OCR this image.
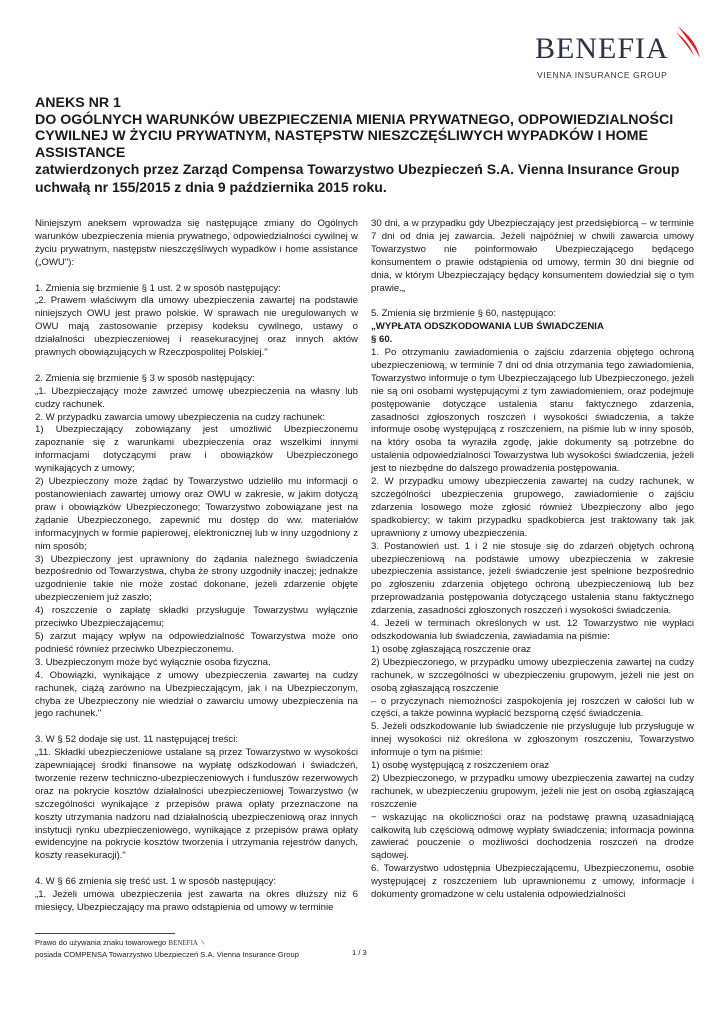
BENEFIA
VIENNA INSURANCE GROUP
ANEKS NR 1
DO OGÓLNYCH WARUNKÓW UBEZPIECZENIA MIENIA PRYWATNEGO, ODPOWIEDZIALNOŚCI CYWILNEJ W ŻYCIU PRYWATNYM, NASTĘPSTW NIESZCZĘŚLIWYCH WYPADKÓW I HOME ASSISTANCE
zatwierdzonych przez Zarząd Compensa Towarzystwo Ubezpieczeń S.A. Vienna Insurance Group uchwałą nr 155/2015 z dnia 9 października 2015 roku.

Niniejszym aneksem wprowadza się następujące zmiany do Ogólnych warunków ubezpieczenia mienia prywatnego, odpowiedzialności cywilnej w życiu prywatnym, następstw nieszczęśliwych wypadków i home assistance („OWU"):

1. Zmienia się brzmienie § 1 ust. 2 w sposób następujący:

„2. Prawem właściwym dla umowy ubezpieczenia zawartej na podstawie niniejszych OWU jest prawo polskie. W sprawach nie uregulowanych w OWU mają zastosowanie przepisy kodeksu cywilnego, ustawy o działalności ubezpieczeniowej i reasekuracyjnej oraz innych aktów prawnych obowiązujących w Rzeczpospolitej Polskiej."

2. Zmienia się brzmienie § 3 w sposób następujący:

„1. Ubezpieczający może zawrzeć umowę ubezpieczenia na własny lub cudzy rachunek.

2. W przypadku zawarcia umowy ubezpieczenia na cudzy rachunek:

1) Ubezpieczający zobowiązany jest umożliwić Ubezpieczonemu zapoznanie się z warunkami ubezpieczenia oraz wszelkimi innymi informacjami dotyczącymi praw i obowiązków Ubezpieczonego wynikających z umowy;

2) Ubezpieczony może żądać by Towarzystwo udzieliło mu informacji o postanowieniach zawartej umowy oraz OWU w zakresie, w jakim dotyczą praw i obowiązków Ubezpieczonego; Towarzystwo zobowiązane jest na żądanie Ubezpieczonego, zapewnić mu dostęp do ww. materiałów informacyjnych w formie papierowej, elektronicznej lub w inny uzgodniony z nim sposób;

3) Ubezpieczony jest uprawniony do żądania należnego świadczenia bezpośrednio od Towarzystwa, chyba że strony uzgodniły inaczej; jednakże uzgodnienie takie nie może zostać dokonane, jeżeli zdarzenie objęte ubezpieczeniem już zaszło;

4) roszczenie o zapłatę składki przysługuje Towarzystwu wyłącznie przeciwko Ubezpieczającemu;

5) zarzut mający wpływ na odpowiedzialność Towarzystwa może ono podnieść również przeciwko Ubezpieczonemu.

3. Ubezpieczonym może być wyłącznie osoba fizyczna.

4. Obowiązki, wynikające z umowy ubezpieczenia zawartej na cudzy rachunek, ciążą zarówno na Ubezpieczającym, jak i na Ubezpieczonym, chyba że Ubezpieczony nie wiedział o zawarciu umowy ubezpieczenia na jego rachunek."

3. W § 52 dodaje się ust. 11 następującej treści:

„11. Składki ubezpieczeniowe ustalane są przez Towarzystwo w wysokości zapewniającej środki finansowe na wypłatę odszkodowań i świadczeń, tworzenie rezerw techniczno-ubezpieczeniowych i funduszów rezerwowych oraz na pokrycie kosztów działalności ubezpieczeniowej Towarzystwo (w szczególności wynikające z przepisów prawa opłaty przeznaczone na koszty utrzymania nadzoru nad działalnością ubezpieczeniową oraz innych instytucji rynku ubezpieczeniowego, wynikające z przepisów prawa opłaty ewidencyjne na pokrycie kosztów tworzenia i utrzymania rejestrów danych, koszty reasekuracji)."

4. W § 66 zmienia się treść ust. 1 w sposób następujący:

„1. Jeżeli umowa ubezpieczenia jest zawarta na okres dłuższy niż 6 miesięcy, Ubezpieczający ma prawo odstąpienia od umowy w terminie

30 dni, a w przypadku gdy Ubezpieczający jest przedsiębiorcą – w terminie 7 dni od dnia jej zawarcia. Jeżeli najpóźniej w chwili zawarcia umowy Towarzystwo nie poinformowało Ubezpieczającego będącego konsumentem o prawie odstąpienia od umowy, termin 30 dni biegnie od dnia, w którym Ubezpieczający będący konsumentem dowiedział się o tym prawie.„

5. Zmienia się brzmienie § 60, następująco:

„WYPŁATA ODSZKODOWANIA LUB ŚWIADCZENIA

§ 60.

1. Po otrzymaniu zawiadomienia o zajściu zdarzenia objętego ochroną ubezpieczeniową, w terminie 7 dni od dnia otrzymania tego zawiadomienia, Towarzystwo informuje o tym Ubezpieczającego lub Ubezpieczonego, jeżeli nie są oni osobami występującymi z tym zawiadomieniem, oraz podejmuje postępowanie dotyczące ustalenia stanu faktycznego zdarzenia, zasadności zgłoszonych roszczeń i wysokości świadczenia, a także informuje osobę występującą z roszczeniem, na piśmie lub w inny sposób, na który osoba ta wyraziła zgodę, jakie dokumenty są potrzebne do ustalenia odpowiedzialności Towarzystwa lub wysokości świadczenia, jeżeli jest to niezbędne do dalszego prowadzenia postępowania.

2. W przypadku umowy ubezpieczenia zawartej na cudzy rachunek, w szczególności ubezpieczenia grupowego, zawiadomienie o zajściu zdarzenia losowego może zgłosić również Ubezpieczony albo jego spadkobiercy; w takim przypadku spadkobierca jest traktowany tak jak uprawniony z umowy ubezpieczenia.

3. Postanowień ust. 1 i 2 nie stosuje się do zdarzeń objętych ochroną ubezpieczeniową na podstawie umowy ubezpieczenia w zakresie ubezpieczenia assistance, jeżeli świadczenie jest spełnione bezpośrednio po zgłoszeniu zdarzenia objętego ochroną ubezpieczeniową lub bez przeprowadzania postępowania dotyczącego ustalenia stanu faktycznego zdarzenia, zasadności zgłoszonych roszczeń i wysokości świadczenia.

4. Jeżeli w terminach określonych w ust. 12 Towarzystwo nie wypłaci odszkodowania lub świadczenia, zawiadamia na piśmie:

1) osobę zgłaszającą roszczenie oraz

2) Ubezpieczonego, w przypadku umowy ubezpieczenia zawartej na cudzy rachunek, w szczególności w ubezpieczeniu grupowym, jeżeli nie jest on osobą zgłaszającą roszczenie

– o przyczynach niemożności zaspokojenia jej roszczeń w całości lub w części, a także powinna wypłacić bezsporną część świadczenia.

5. Jeżeli odszkodowanie lub świadczenie nie przysługuje lub przysługuje w innej wysokości niż określona w zgłoszonym roszczeniu, Towarzystwo informuje o tym na piśmie:

1) osobę występującą z roszczeniem oraz

2) Ubezpieczonego, w przypadku umowy ubezpieczenia zawartej na cudzy rachunek, w ubezpieczeniu grupowym, jeżeli nie jest on osobą zgłaszającą roszczenie

− wskazując na okoliczności oraz na podstawę prawną uzasadniającą całkowitą lub częściową odmowę wypłaty świadczenia; informacja powinna zawierać pouczenie o możliwości dochodzenia roszczeń na drodze sądowej.

6. Towarzystwo udostępnia Ubezpieczającemu, Ubezpieczonemu, osobie występującej z roszczeniem lub uprawnionemu z umowy, informacje i dokumenty gromadzone w celu ustalenia odpowiedzialności

Prawo do używania znaku towarowego BENEFIA
posiada COMPENSA Towarzystwo Ubezpieczeń S.A. Vienna Insurance Group	1 / 3
